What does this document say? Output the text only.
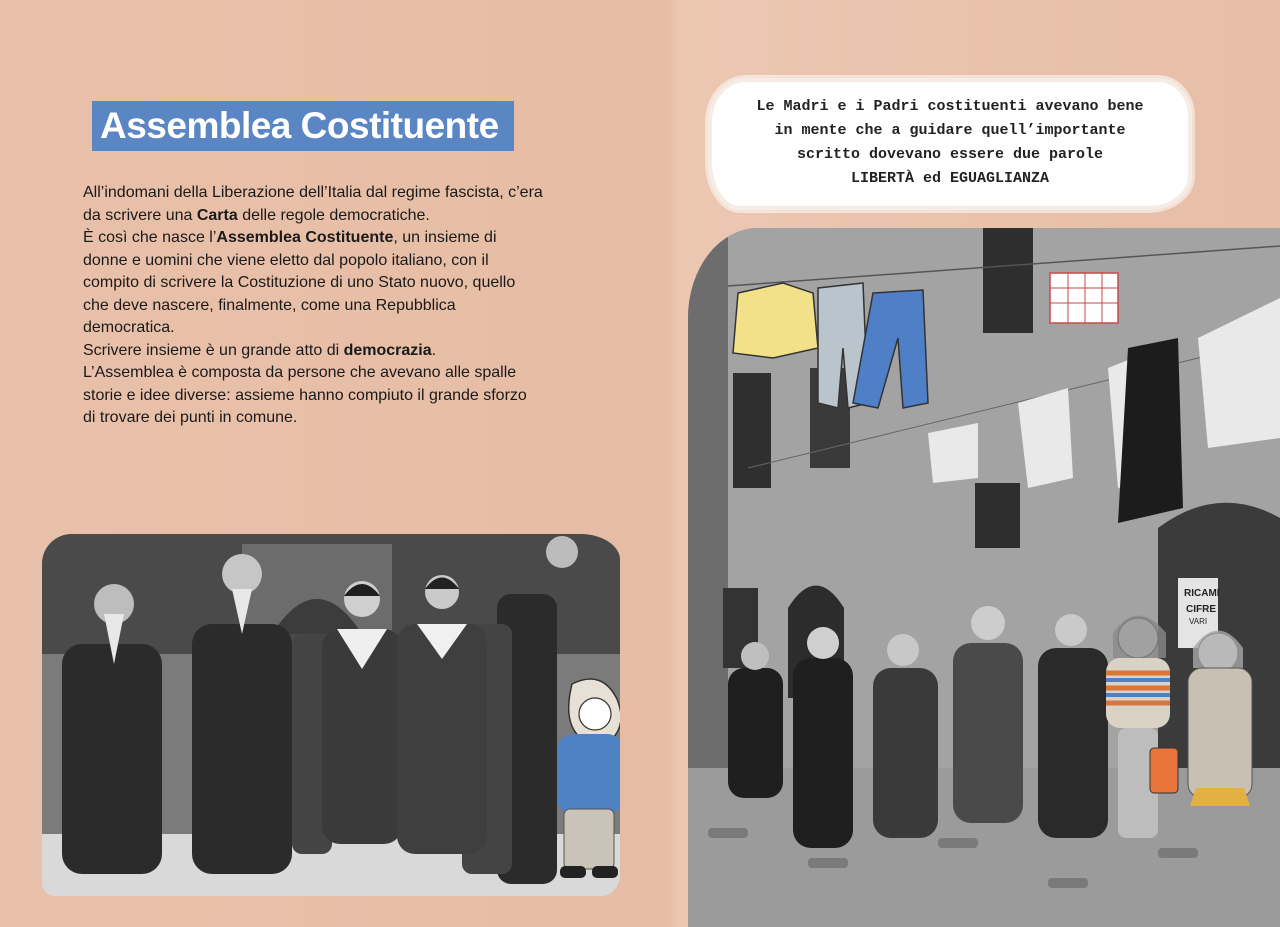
Assemblea Costituente

All’indomani della Liberazione dell’Italia dal regime fascista, c’era da scrivere una Carta delle regole democratiche.

È così che nasce l’Assemblea Costituente, un insieme di donne e uomini che viene eletto dal popolo italiano, con il compito di scrivere la Costituzione di uno Stato nuovo, quello che deve nascere, finalmente, come una Repubblica democratica.

Scrivere insieme è un grande atto di democrazia.

L’Assemblea è composta da persone che avevano alle spalle storie e idee diverse: assieme hanno compiuto il grande sforzo di trovare dei punti in comune.

Le Madri e i Padri costituenti avevano bene
in mente che a guidare quell’importante
scritto dovevano essere due parole
LIBERTÀ ed EGUAGLIANZA
RICAMI
CIFRE
VARI
